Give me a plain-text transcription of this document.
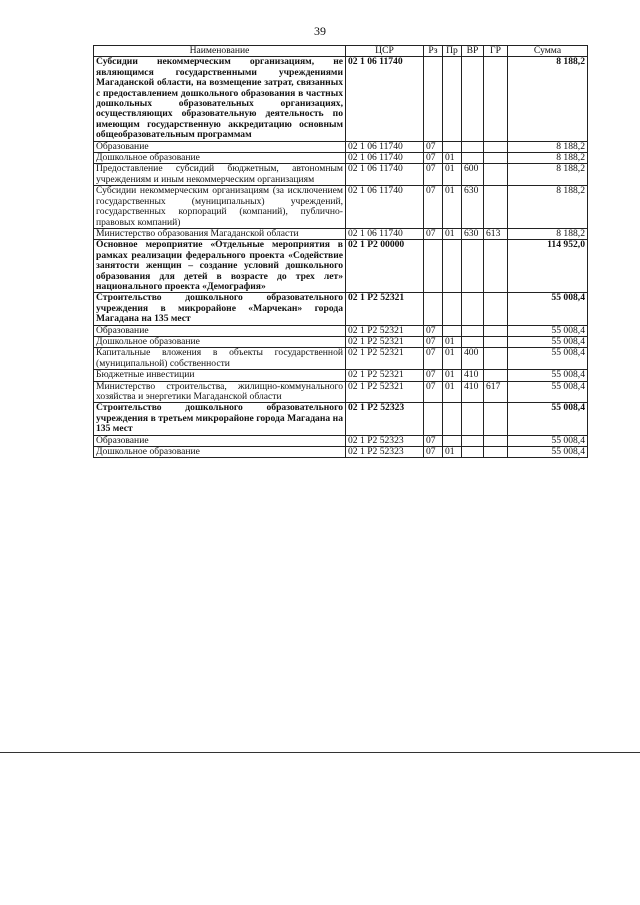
39
Наименование	ЦСР	Рз	Пр	ВР	ГР	Сумма
Субсидии некоммерческим организациям, не являющимся государственными учреждениями Магаданской области, на возмещение затрат, связанных с предоставлением дошкольного образования в частных дошкольных образовательных организациях, осуществляющих образовательную деятельность по имеющим государственную аккредитацию основным общеобразовательным программам	02 1 06 11740					8 188,2
Образование	02 1 06 11740	07				8 188,2
Дошкольное образование	02 1 06 11740	07	01			8 188,2
Предоставление субсидий бюджетным, автономным учреждениям и иным некоммерческим организациям	02 1 06 11740	07	01	600		8 188,2
Субсидии некоммерческим организациям (за исключением государственных (муниципальных) учреждений, государственных корпораций (компаний), публично-правовых компаний)	02 1 06 11740	07	01	630		8 188,2
Министерство образования Магаданской области	02 1 06 11740	07	01	630	613	8 188,2
Основное мероприятие «Отдельные мероприятия в рамках реализации федерального проекта «Содействие занятости женщин – создание условий дошкольного образования для детей в возрасте до трех лет» национального проекта «Демография»	02 1 P2 00000					114 952,0
Строительство дошкольного образовательного учреждения в микрорайоне «Марчекан» города Магадана на 135 мест	02 1 P2 52321					55 008,4
Образование	02 1 P2 52321	07				55 008,4
Дошкольное образование	02 1 P2 52321	07	01			55 008,4
Капитальные вложения в объекты государственной (муниципальной) собственности	02 1 P2 52321	07	01	400		55 008,4
Бюджетные инвестиции	02 1 P2 52321	07	01	410		55 008,4
Министерство строительства, жилищно-коммунального хозяйства и энергетики Магаданской области	02 1 P2 52321	07	01	410	617	55 008,4
Строительство дошкольного образовательного учреждения в третьем микрорайоне города Магадана на 135 мест	02 1 P2 52323					55 008,4
Образование	02 1 P2 52323	07				55 008,4
Дошкольное образование	02 1 P2 52323	07	01			55 008,4
